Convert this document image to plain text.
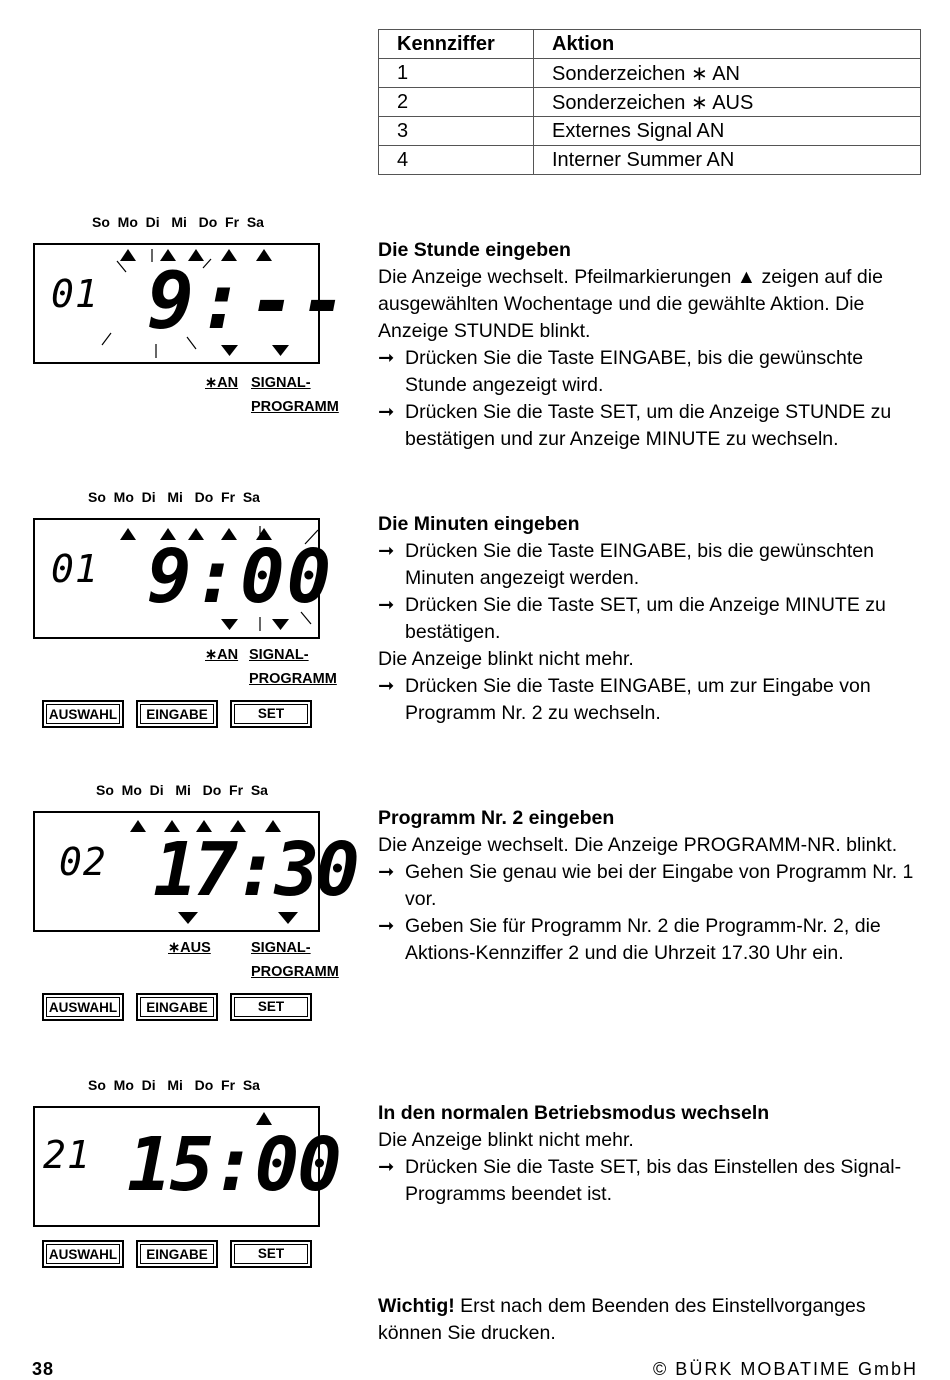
Kennziffer	Aktion
1	Sonderzeichen ∗ AN
2	Sonderzeichen ∗ AUS
3	Externes Signal AN
4	Interner Summer AN
So Mo Di Mi Do Fr Sa
01 9:--
∗AN SIGNAL-
PROGRAMM
So Mo Di Mi Do Fr Sa
01 9:00
∗AN SIGNAL-
PROGRAMM
AUSWAHL	EINGABE	SET
So Mo Di Mi Do Fr Sa
02 17:30
∗AUS	SIGNAL-
PROGRAMM
AUSWAHL	EINGABE	SET
So Mo Di Mi Do Fr Sa
21 15:00
AUSWAHL	EINGABE	SET
Die Stunde eingeben

Die Anzeige wechselt. Pfeilmarkierungen ▲ zeigen auf die ausgewählten Wochentage und die gewählte Aktion. Die Anzeige STUNDE blinkt.

➞ Drücken Sie die Taste EINGABE, bis die gewünschte Stunde angezeigt wird.

➞ Drücken Sie die Taste SET, um die Anzeige STUNDE zu bestätigen und zur Anzeige MINUTE zu wechseln.

Die Minuten eingeben

➞ Drücken Sie die Taste EINGABE, bis die gewünschten Minuten angezeigt werden.

➞ Drücken Sie die Taste SET, um die Anzeige MINUTE zu bestätigen.

Die Anzeige blinkt nicht mehr.

➞ Drücken Sie die Taste EINGABE, um zur Eingabe von Programm Nr. 2 zu wechseln.

Programm Nr. 2 eingeben

Die Anzeige wechselt. Die Anzeige PROGRAMM-NR. blinkt.

➞ Gehen Sie genau wie bei der Eingabe von Programm Nr. 1 vor.

➞ Geben Sie für Programm Nr. 2 die Programm-Nr. 2, die Aktions-Kennziffer 2 und die Uhrzeit 17.30 Uhr ein.

In den normalen Betriebsmodus wechseln

Die Anzeige blinkt nicht mehr.

➞ Drücken Sie die Taste SET, bis das Einstellen des Signal-Programms beendet ist.

Wichtig! Erst nach dem Beenden des Einstellvorganges können Sie drucken.

38	© BÜRK MOBATIME GmbH
